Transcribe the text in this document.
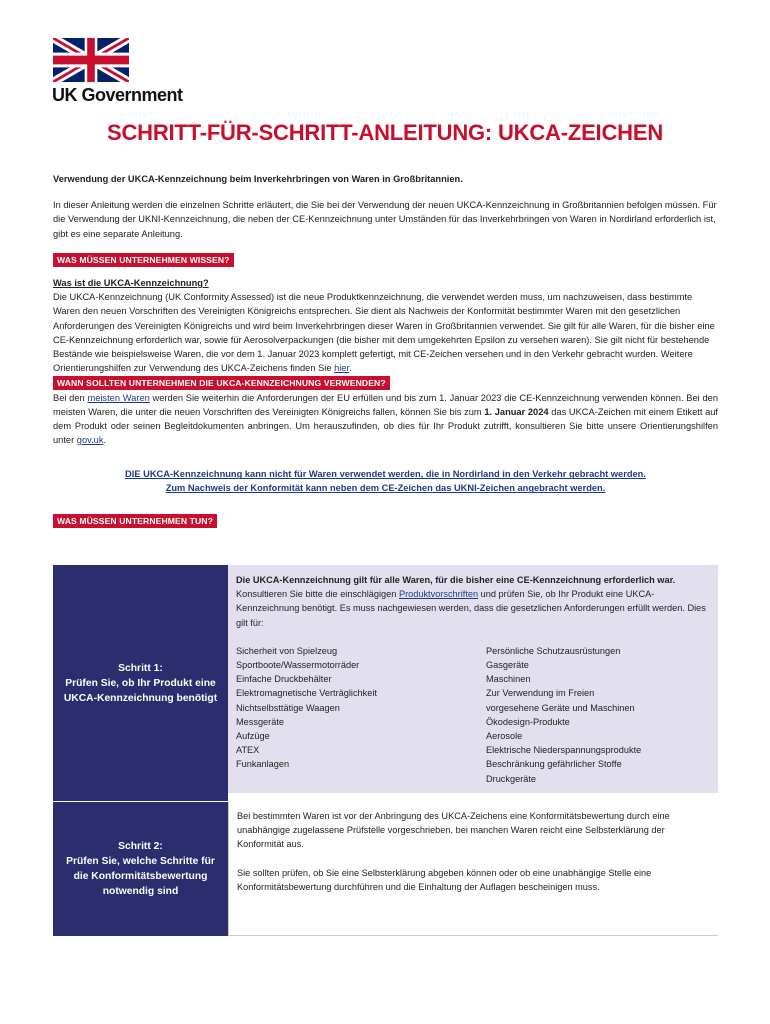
UK Government
SCHRITT-FÜR-SCHRITT-ANLEITUNG: UKCA-ZEICHEN

Verwendung der UKCA-Kennzeichnung beim Inverkehrbringen von Waren in Großbritannien.

In dieser Anleitung werden die einzelnen Schritte erläutert, die Sie bei der Verwendung der neuen UKCA-Kennzeichnung in Großbritannien befolgen müssen. Für die Verwendung der UKNI-Kennzeichnung, die neben der CE-Kennzeichnung unter Umständen für das Inverkehrbringen von Waren in Nordirland erforderlich ist, gibt es eine separate Anleitung.

WAS MÜSSEN UNTERNEHMEN WISSEN?

Was ist die UKCA-Kennzeichnung?

Die UKCA-Kennzeichnung (UK Conformity Assessed) ist die neue Produktkennzeichnung, die verwendet werden muss, um nachzuweisen, dass bestimmte Waren den neuen Vorschriften des Vereinigten Königreichs entsprechen. Sie dient als Nachweis der Konformität bestimmter Waren mit den gesetzlichen Anforderungen des Vereinigten Königreichs und wird beim Inverkehrbringen dieser Waren in Großbritannien verwendet. Sie gilt für alle Waren, für die bisher eine CE-Kennzeichnung erforderlich war, sowie für Aerosolverpackungen (die bisher mit dem umgekehrten Epsilon zu versehen waren). Sie gilt nicht für bestehende Bestände wie beispielsweise Waren, die vor dem 1. Januar 2023 komplett gefertigt, mit CE-Zeichen versehen und in den Verkehr gebracht wurden. Weitere Orientierungshilfen zur Verwendung des UKCA-Zeichens finden Sie hier.

WANN SOLLTEN UNTERNEHMEN DIE UKCA-KENNZEICHNUNG VERWENDEN?

Bei den meisten Waren werden Sie weiterhin die Anforderungen der EU erfüllen und bis zum 1. Januar 2023 die CE-Kennzeichnung verwenden können. Bei den meisten Waren, die unter die neuen Vorschriften des Vereinigten Königreichs fallen, können Sie bis zum 1. Januar 2024 das UKCA-Zeichen mit einem Etikett auf dem Produkt oder seinen Begleitdokumenten anbringen. Um herauszufinden, ob dies für Ihr Produkt zutrifft, konsultieren Sie bitte unsere Orientierungshilfen unter gov.uk.

DIE UKCA-Kennzeichnung kann nicht für Waren verwendet werden, die in Nordirland in den Verkehr gebracht werden.

Zum Nachweis der Konformität kann neben dem CE-Zeichen das UKNI-Zeichen angebracht werden.

WAS MÜSSEN UNTERNEHMEN TUN?
Schritt 1:
Prüfen Sie, ob Ihr Produkt eine UKCA-Kennzeichnung benötigt
Die UKCA-Kennzeichnung gilt für alle Waren, für die bisher eine CE-Kennzeichnung erforderlich war. Konsultieren Sie bitte die einschlägigen Produktvorschriften und prüfen Sie, ob Ihr Produkt eine UKCA-Kennzeichnung benötigt. Es muss nachgewiesen werden, dass die gesetzlichen Anforderungen erfüllt werden. Dies gilt für:
Sicherheit von Spielzeug
Sportboote/Wassermotorräder
Einfache Druckbehälter
Elektromagnetische Verträglichkeit
Nichtselbsttätige Waagen
Messgeräte
Aufzüge
ATEX
Funkanlagen
Persönliche Schutzausrüstungen
Gasgeräte
Maschinen
Zur Verwendung im Freien
vorgesehene Geräte und Maschinen
Ökodesign-Produkte
Aerosole
Elektrische Niederspannungsprodukte
Beschränkung gefährlicher Stoffe
Druckgeräte
Schritt 2:
Prüfen Sie, welche Schritte für die Konformitätsbewertung notwendig sind

Bei bestimmten Waren ist vor der Anbringung des UKCA-Zeichens eine Konformitätsbewertung durch eine unabhängige zugelassene Prüfstelle vorgeschrieben, bei manchen Waren reicht eine Selbsterklärung der Konformität aus.

Sie sollten prüfen, ob Sie eine Selbsterklärung abgeben können oder ob eine unabhängige Stelle eine Konformitätsbewertung durchführen und die Einhaltung der Auflagen bescheinigen muss.
